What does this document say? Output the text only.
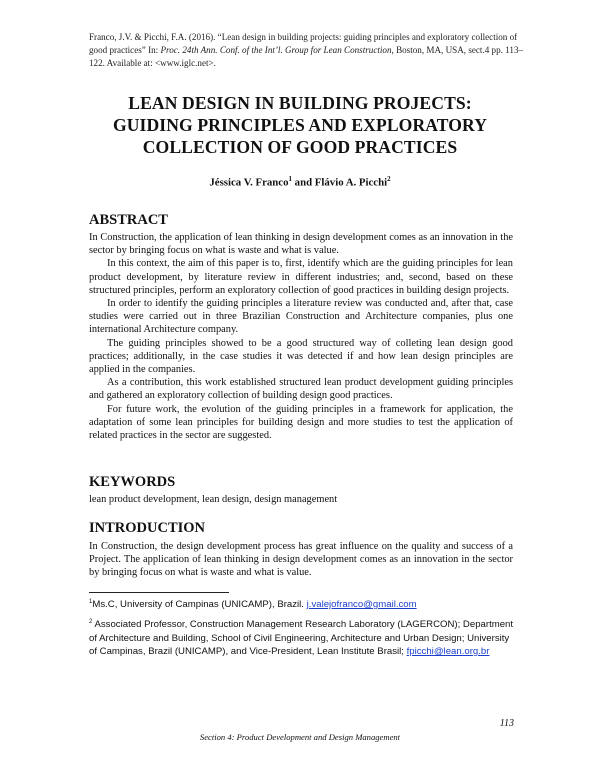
Franco, J.V. & Picchi, F.A. (2016). “Lean design in building projects: guiding principles and exploratory collection of good practices” In: Proc. 24th Ann. Conf. of the Int’l. Group for Lean Construction, Boston, MA, USA, sect.4 pp. 113–122. Available at: <www.iglc.net>.
LEAN DESIGN IN BUILDING PROJECTS:
GUIDING PRINCIPLES AND EXPLORATORY
COLLECTION OF GOOD PRACTICES
Jéssica V. Franco$^1$ and Flávio A. Picchi$^2$
ABSTRACT

In Construction, the application of lean thinking in design development comes as an innovation in the sector by bringing focus on what is waste and what is value.

In this context, the aim of this paper is to, first, identify which are the guiding principles for lean product development, by literature review in different industries; and, second, based on these structured principles, perform an exploratory collection of good practices in building design projects.

In order to identify the guiding principles a literature review was conducted and, after that, case studies were carried out in three Brazilian Construction and Architecture companies, plus one international Architecture company.

The guiding principles showed to be a good structured way of colleting lean design good practices; additionally, in the case studies it was detected if and how lean design principles are applied in the companies.

As a contribution, this work established structured lean product development guiding principles and gathered an exploratory collection of building design good practices.

For future work, the evolution of the guiding principles in a framework for application, the adaptation of some lean principles for building design and more studies to test the application of related practices in the sector are suggested.

KEYWORDS

lean product development, lean design, design management

INTRODUCTION

In Construction, the design development process has great influence on the quality and success of a Project. The application of lean thinking in design development comes as an innovation in the sector by bringing focus on what is waste and what is value.

$^1$Ms.C, University of Campinas (UNICAMP), Brazil. j.valejofranco@gmail.com

$^2$ Associated Professor, Construction Management Research Laboratory (LAGERCON); Department of Architecture and Building, School of Civil Engineering, Architecture and Urban Design; University of Campinas, Brazil (UNICAMP), and Vice-President, Lean Institute Brasil; fpicchi@lean.org.br

113
Section 4: Product Development and Design Management
